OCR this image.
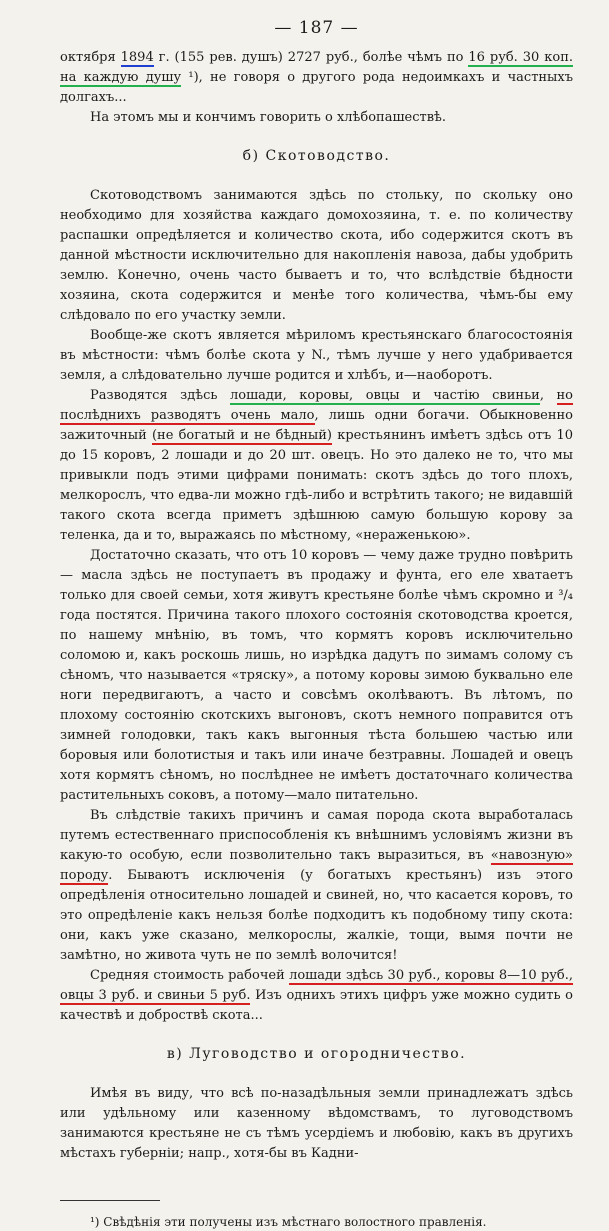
— 187 —

октября 1894 г. (155 рев. душъ) 2727 руб., болѣе чѣмъ по 16 руб. 30 коп. на каждую душу ¹), не говоря о другого рода недоимкахъ и частныхъ долгахъ...

На этомъ мы и кончимъ говорить о хлѣбопашествѣ.

б) Скотоводство.

Скотоводствомъ занимаются здѣсь по стольку, по скольку оно необходимо для хозяйства каждаго домохозяина, т. е. по количеству распашки опредѣляется и количество скота, ибо содержится скотъ въ данной мѣстности исключительно для накопленія навоза, дабы удобрить землю. Конечно, очень часто бываетъ и то, что вслѣдствіе бѣдности хозяина, скота содержится и менѣе того количества, чѣмъ-бы ему слѣдовало по его участку земли.

Вообще-же скотъ является мѣриломъ крестьянскаго благосостоянія въ мѣстности: чѣмъ болѣе скота у N., тѣмъ лучше у него удабривается земля, а слѣдовательно лучше родится и хлѣбъ, и—наоборотъ.

Разводятся здѣсь лошади, коровы, овцы и частію свиньи, но послѣднихъ разводятъ очень мало, лишь одни богачи. Обыкновенно зажиточный (не богатый и не бѣдный) крестьянинъ имѣетъ здѣсь отъ 10 до 15 коровъ, 2 лошади и до 20 шт. овецъ. Но это далеко не то, что мы привыкли подъ этими цифрами понимать: скотъ здѣсь до того плохъ, мелкорослъ, что едва-ли можно гдѣ-либо и встрѣтить такого; не видавшій такого скота всегда приметъ здѣшнюю самую большую корову за теленка, да и то, выражаясь по мѣстному, «нераженькою».

Достаточно сказать, что отъ 10 коровъ — чему даже трудно повѣрить — масла здѣсь не поступаетъ въ продажу и фунта, его еле хватаетъ только для своей семьи, хотя живутъ крестьяне болѣе чѣмъ скромно и ³/₄ года постятся. Причина такого плохого состоянія скотоводства кроется, по нашему мнѣнію, въ томъ, что кормятъ коровъ исключительно соломою и, какъ роскошь лишь, но изрѣдка дадутъ по зимамъ солому съ сѣномъ, что называется «тряску», а потому коровы зимою буквально еле ноги передвигаютъ, а часто и совсѣмъ околѣваютъ. Въ лѣтомъ, по плохому состоянію скотскихъ выгоновъ, скотъ немного поправится отъ зимней голодовки, такъ какъ выгонныя тѣста большею частью или боровыя или болотистыя и такъ или иначе безтравны. Лошадей и овецъ хотя кормятъ сѣномъ, но послѣднее не имѣетъ достаточнаго количества растительныхъ соковъ, а потому—мало питательно.

Въ слѣдствіе такихъ причинъ и самая порода скота выработалась путемъ естественнаго приспособленія къ внѣшнимъ условіямъ жизни въ какую-то особую, если позволительно такъ выразиться, въ «навозную» породу. Бываютъ исключенія (у богатыхъ крестьянъ) изъ этого опредѣленія относительно лошадей и свиней, но, что касается коровъ, то это опредѣленіе какъ нельзя болѣе подходитъ къ подобному типу скота: они, какъ уже сказано, мелкорослы, жалкіе, тощи, вымя почти не замѣтно, но живота чуть не по землѣ волочится!

Средняя стоимость рабочей лошади здѣсь 30 руб., коровы 8—10 руб., овцы 3 руб. и свиньи 5 руб. Изъ однихъ этихъ цифръ уже можно судить о качествѣ и доброствѣ скота...

в) Луговодство и огородничество.

Имѣя въ виду, что всѣ по-назадѣльныя земли принадлежатъ здѣсь или удѣльному или казенному вѣдомствамъ, то луговодствомъ занимаются крестьяне не съ тѣмъ усердіемъ и любовію, какъ въ другихъ мѣстахъ губерніи; напр., хотя-бы въ Кадни-

¹) Свѣдѣнія эти получены изъ мѣстнаго волостного правленія.
